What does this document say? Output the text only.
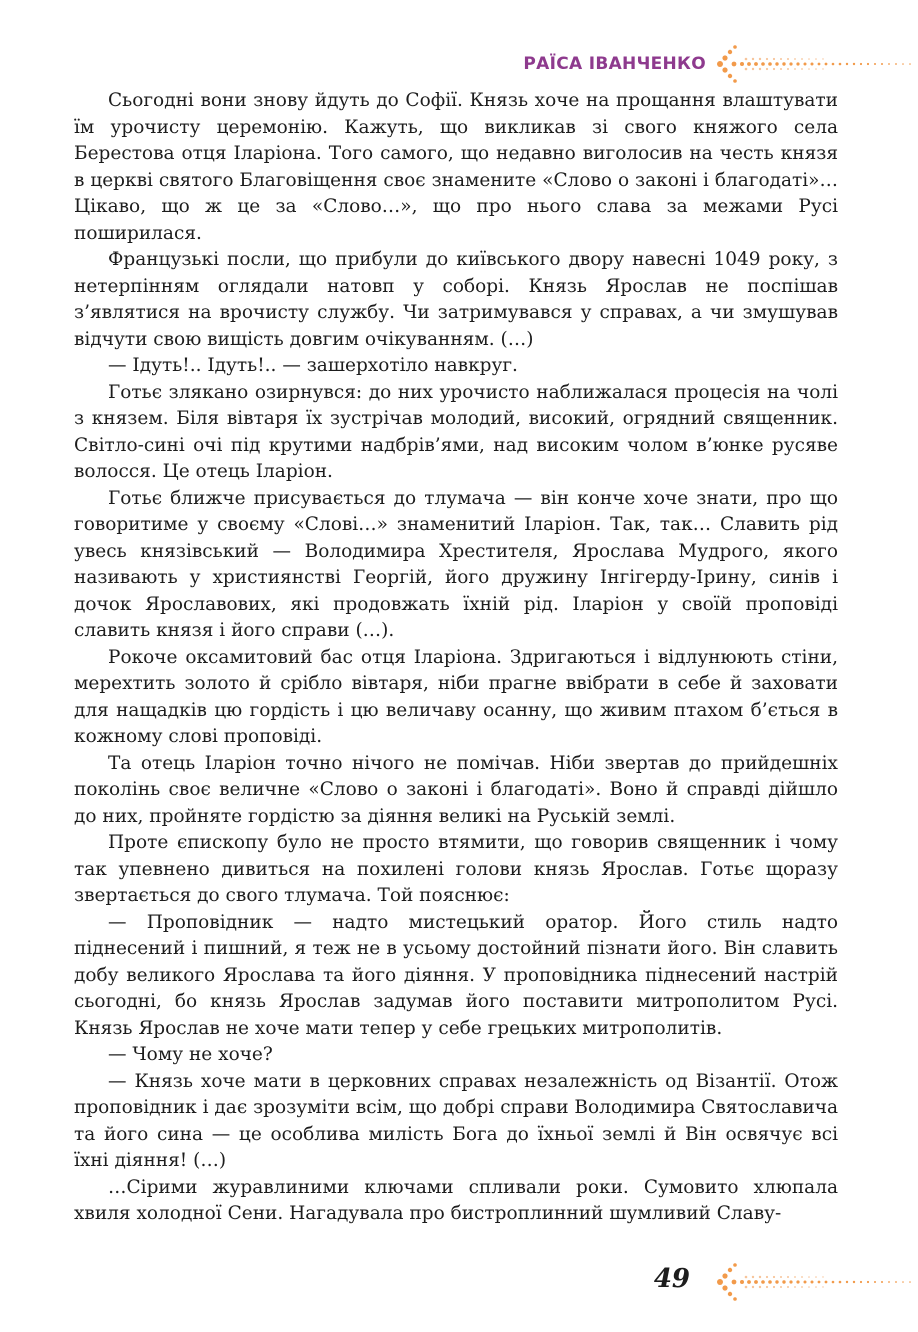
РАЇСА ІВАНЧЕНКО

Сьогодні вони знову йдуть до Софії. Князь хоче на прощання влаштувати їм урочисту церемонію. Кажуть, що викликав зі свого княжого села Берестова отця Іларіона. Того самого, що недавно виголосив на честь князя в церкві святого Благовіщення своє знамените «Слово о законі і благодаті»… Цікаво, що ж це за «Слово…», що про нього слава за межами Русі поширилася.

Французькі посли, що прибули до київського двору навесні 1049 року, з нетерпінням оглядали натовп у соборі. Князь Ярослав не поспішав з’являтися на врочисту службу. Чи затримувався у справах, а чи змушував відчути свою вищість довгим очікуванням. (…)

— Ідуть!.. Ідуть!.. — зашерхотіло навкруг.

Готьє злякано озирнувся: до них урочисто наближалася процесія на чолі з князем. Біля вівтаря їх зустрічав молодий, високий, огрядний священник. Світло-сині очі під крутими надбрів’ями, над високим чолом в’юнке русяве волосся. Це отець Іларіон.

Готьє ближче присувається до тлумача — він конче хоче знати, про що говоритиме у своєму «Слові…» знаменитий Іларіон. Так, так… Славить рід увесь князівський — Володимира Хрестителя, Ярослава Мудрого, якого називають у християнстві Георгій, його дружину Інгігерду-Ірину, синів і дочок Ярославових, які продовжать їхній рід. Іларіон у своїй проповіді славить князя і його справи (…).

Рокоче оксамитовий бас отця Іларіона. Здригаються і відлунюють стіни, мерехтить золото й срібло вівтаря, ніби прагне ввібрати в себе й заховати для нащадків цю гордість і цю величаву осанну, що живим птахом б’ється в кожному слові проповіді.

Та отець Іларіон точно нічого не помічав. Ніби звертав до прийдешніх поколінь своє величне «Слово о законі і благодаті». Воно й справді дійшло до них, пройняте гордістю за діяння великі на Руській землі.

Проте єпископу було не просто втямити, що говорив священник і чому так упевнено дивиться на похилені голови князь Ярослав. Готьє щоразу звертається до свого тлумача. Той пояснює:

— Проповідник — надто мистецький оратор. Його стиль надто піднесений і пишний, я теж не в усьому достойний пізнати його. Він славить добу великого Ярослава та його діяння. У проповідника піднесений настрій сьогодні, бо князь Ярослав задумав його поставити митрополитом Русі. Князь Ярослав не хоче мати тепер у себе грецьких митрополитів.

— Чому не хоче?

— Князь хоче мати в церковних справах незалежність од Візантії. Отож проповідник і дає зрозуміти всім, що добрі справи Володимира Святославича та його сина — це особлива милість Бога до їхньої землі й Він освячує всі їхні діяння! (…)

…Сірими журавлиними ключами спливали роки. Сумовито хлюпала хвиля холодної Сени. Нагадувала про бистроплинний шумливий Славу-

49
